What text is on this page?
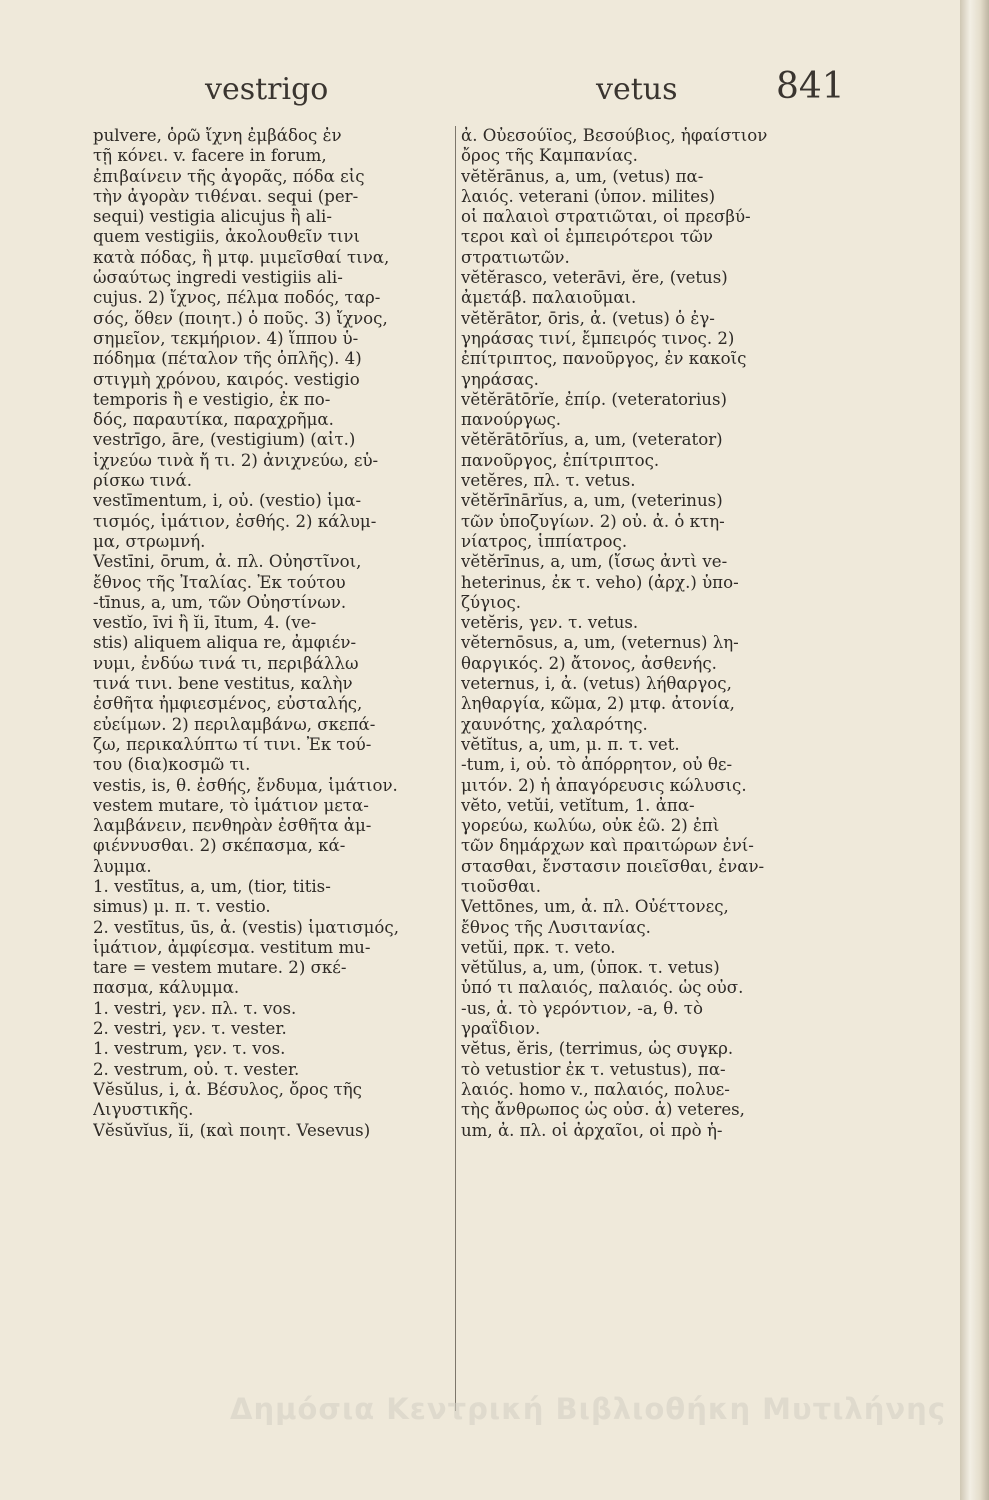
vestrigo	vetus	841
pulvere, ὁρῶ ἴχνη ἐμβάδος ἐν
τῇ κόνει. v. facere in forum,
ἐπιβαίνειν τῆς ἀγορᾶς, πόδα εἰς
τὴν ἀγορὰν τιθέναι. sequi (per-
sequi) vestigia alicujus ἢ ali-
quem vestigiis, ἀκολουθεῖν τινι
κατὰ πόδας, ἢ μτφ. μιμεῖσθαί τινα,
ὡσαύτως ingredi vestigiis ali-
cujus. 2) ἴχνος, πέλμα ποδός, ταρ-
σός, ὅθεν (ποιητ.) ὁ ποῦς. 3) ἴχνος,
σημεῖον, τεκμήριον. 4) ἵππου ὑ-
πόδημα (πέταλον τῆς ὁπλῆς). 4)
στιγμὴ χρόνου, καιρός. vestigio
temporis ἢ e vestigio, ἐκ πο-
δός, παραυτίκα, παραχρῆμα.
vestrīgo, āre, (vestigium) (αἰτ.)
ἰχνεύω τινὰ ἤ τι. 2) ἀνιχνεύω, εὑ-
ρίσκω τινά.
vestīmentum, i, οὐ. (vestio) ἱμα-
τισμός, ἱμάτιον, ἐσθής. 2) κάλυμ-
μα, στρωμνή.
Vestīni, ōrum, ἀ. πλ. Οὐηστῖνοι,
ἔθνος τῆς Ἰταλίας. Ἐκ τούτου
-tīnus, a, um, τῶν Οὐηστίνων.
vestĭo, īvi ἢ ĭi, ītum, 4. (ve-
stis) aliquem aliqua re, ἀμφιέν-
νυμι, ἐνδύω τινά τι, περιβάλλω
τινά τινι. bene vestitus, καλὴν
ἐσθῆτα ἠμφιεσμένος, εὐσταλής,
εὐείμων. 2) περιλαμβάνω, σκεπά-
ζω, περικαλύπτω τί τινι. Ἐκ τού-
του (δια)κοσμῶ τι.
vestis, is, θ. ἐσθής, ἔνδυμα, ἱμάτιον.
vestem mutare, τὸ ἱμάτιον μετα-
λαμβάνειν, πενθηρὰν ἐσθῆτα ἀμ-
φιέννυσθαι. 2) σκέπασμα, κά-
λυμμα.
1. vestītus, a, um, (tior, titis-
simus) μ. π. τ. vestio.
2. vestītus, ūs, ἀ. (vestis) ἱματισμός,
ἱμάτιον, ἀμφίεσμα. vestitum mu-
tare = vestem mutare. 2) σκέ-
πασμα, κάλυμμα.
1. vestri, γεν. πλ. τ. vos.
2. vestri, γεν. τ. vester.
1. vestrum, γεν. τ. vos.
2. vestrum, οὐ. τ. vester.
Vĕsŭlus, i, ἀ. Βέσυλος, ὄρος τῆς
Λιγυστικῆς.
Vĕsŭvĭus, ĭi, (καὶ ποιητ. Vesevus)
ἀ. Οὐεσούϊος, Βεσούβιος, ἡφαίστιον
ὄρος τῆς Καμπανίας.
vĕtĕrānus, a, um, (vetus) πα-
λαιός. veterani (ὑπον. milites)
οἱ παλαιοὶ στρατιῶται, οἱ πρεσβύ-
τεροι καὶ οἱ ἐμπειρότεροι τῶν
στρατιωτῶν.
vĕtĕrasco, veterāvi, ĕre, (vetus)
ἀμετάβ. παλαιοῦμαι.
vĕtĕrātor, ōris, ἀ. (vetus) ὁ ἐγ-
γηράσας τινί, ἔμπειρός τινος. 2)
ἐπίτριπτος, πανοῦργος, ἐν κακοῖς
γηράσας.
vĕtĕrātōrĭe, ἐπίρ. (veteratorius)
πανούργως.
vĕtĕrātōrĭus, a, um, (veterator)
πανοῦργος, ἐπίτριπτος.
vetĕres, πλ. τ. vetus.
vĕtĕrīnārĭus, a, um, (veterinus)
τῶν ὑποζυγίων. 2) οὐ. ἀ. ὁ κτη-
νίατρος, ἱππίατρος.
vĕtĕrīnus, a, um, (ἴσως ἀντὶ ve-
heterinus, ἐκ τ. veho) (ἀρχ.) ὑπο-
ζύγιος.
vetĕris, γεν. τ. vetus.
vĕternōsus, a, um, (veternus) λη-
θαργικός. 2) ἄτονος, ἀσθενής.
veternus, i, ἀ. (vetus) λήθαργος,
ληθαργία, κῶμα, 2) μτφ. ἀτονία,
χαυνότης, χαλαρότης.
vĕtĭtus, a, um, μ. π. τ. vet.
-tum, i, οὐ. τὸ ἀπόρρητον, οὐ θε-
μιτόν. 2) ἡ ἀπαγόρευσις κώλυσις.
vĕto, vetŭi, vetĭtum, 1. ἀπα-
γορεύω, κωλύω, οὐκ ἐῶ. 2) ἐπὶ
τῶν δημάρχων καὶ πραιτώρων ἐνί-
στασθαι, ἔνστασιν ποιεῖσθαι, ἐναν-
τιοῦσθαι.
Vettōnes, um, ἀ. πλ. Οὐέττονες,
ἔθνος τῆς Λυσιτανίας.
vetŭi, πρκ. τ. veto.
vĕtŭlus, a, um, (ὑποκ. τ. vetus)
ὑπό τι παλαιός, παλαιός. ὡς οὐσ.
-us, ἀ. τὸ γερόντιον, -a, θ. τὸ
γραΐδιον.
vĕtus, ĕris, (terrimus, ὡς συγκρ.
τὸ vetustior ἐκ τ. vetustus), πα-
λαιός. homo v., παλαιός, πολυε-
τὴς ἄνθρωπος ὡς οὐσ. ἀ) veteres,
um, ἀ. πλ. οἱ ἀρχαῖοι, οἱ πρὸ ἡ-
Δημόσια Κεντρική Βιβλιοθήκη Μυτιλήνης
